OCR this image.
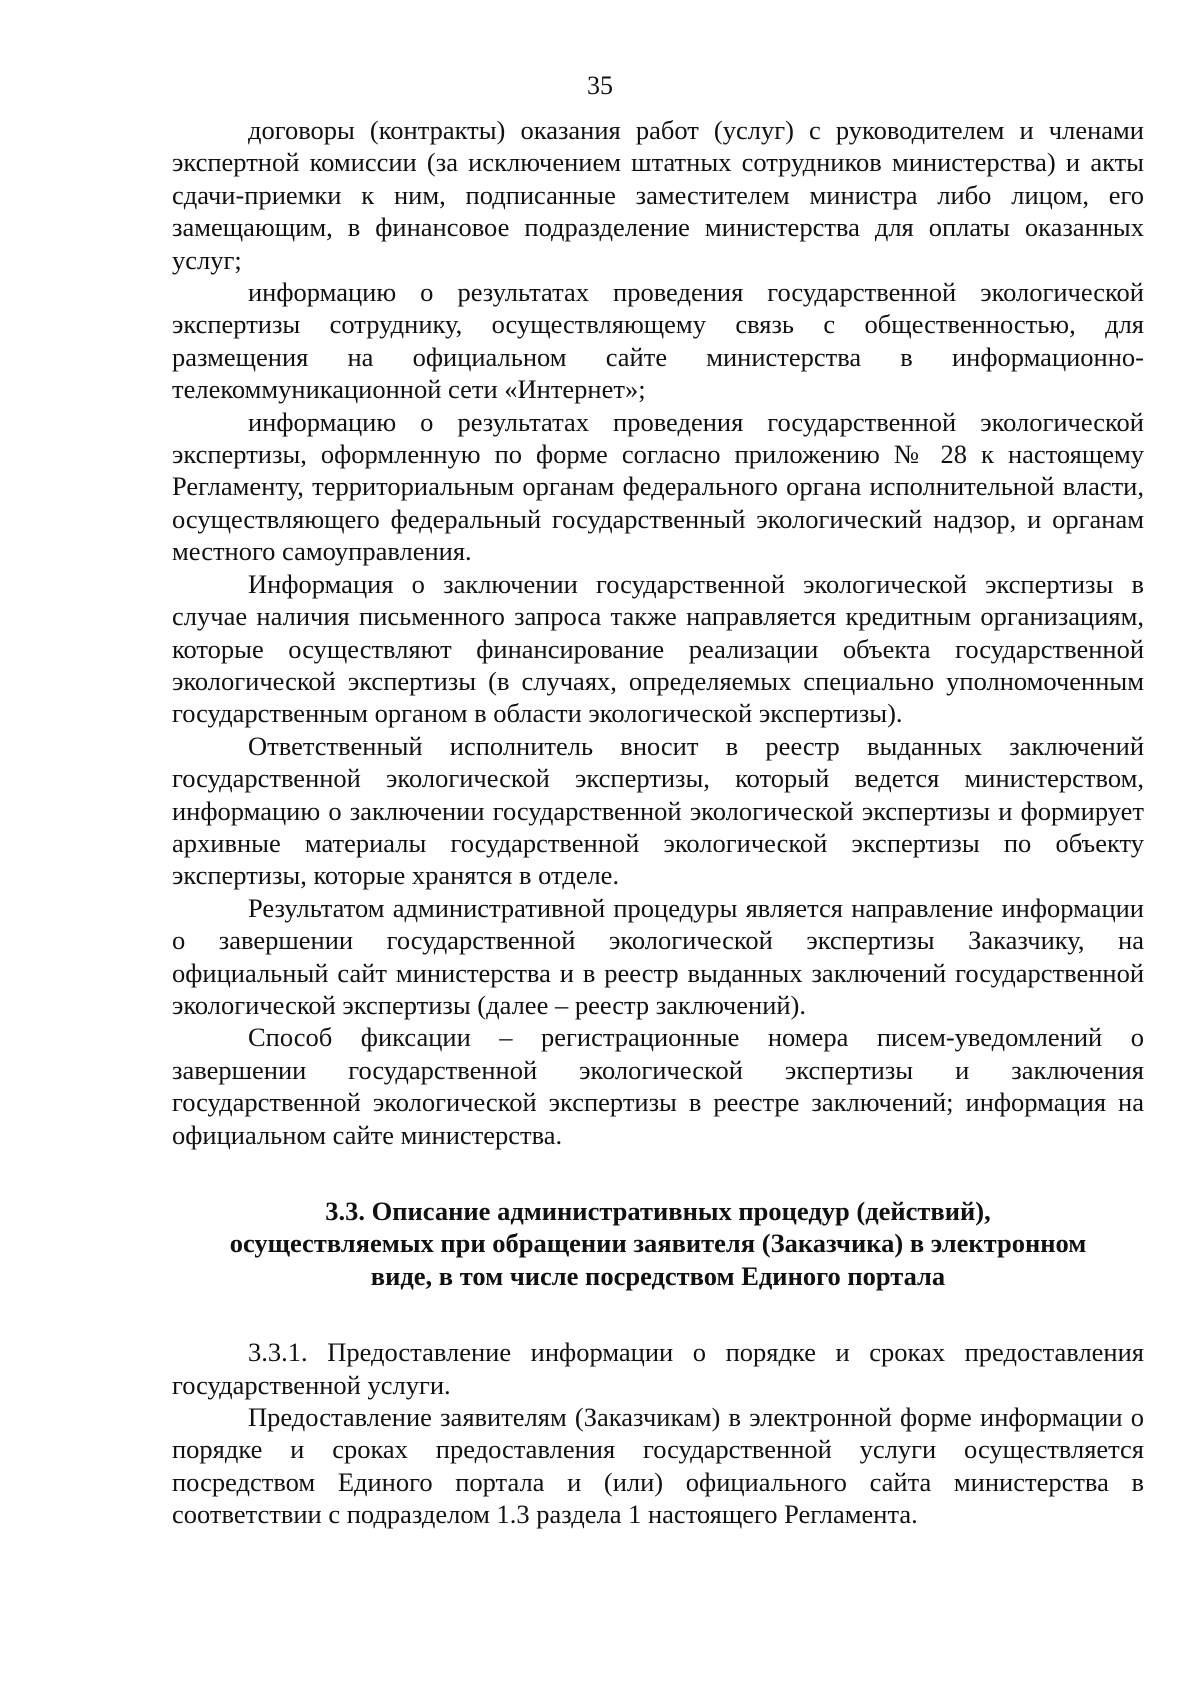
35

договоры (контракты) оказания работ (услуг) с руководителем и членами экспертной комиссии (за исключением штатных сотрудников министерства) и акты сдачи-приемки к ним, подписанные заместителем министра либо лицом, его замещающим, в финансовое подразделение министерства для оплаты оказанных услуг;

информацию о результатах проведения государственной экологической экспертизы сотруднику, осуществляющему связь с общественностью, для размещения на официальном сайте министерства в информационно-телекоммуникационной сети «Интернет»;

информацию о результатах проведения государственной экологической экспертизы, оформленную по форме согласно приложению № 28 к настоящему Регламенту, территориальным органам федерального органа исполнительной власти, осуществляющего федеральный государственный экологический надзор, и органам местного самоуправления.

Информация о заключении государственной экологической экспертизы в случае наличия письменного запроса также направляется кредитным организациям, которые осуществляют финансирование реализации объекта государственной экологической экспертизы (в случаях, определяемых специально уполномоченным государственным органом в области экологической экспертизы).

Ответственный исполнитель вносит в реестр выданных заключений государственной экологической экспертизы, который ведется министерством, информацию о заключении государственной экологической экспертизы и формирует архивные материалы государственной экологической экспертизы по объекту экспертизы, которые хранятся в отделе.

Результатом административной процедуры является направление информации о завершении государственной экологической экспертизы Заказчику, на официальный сайт министерства и в реестр выданных заключений государственной экологической экспертизы (далее – реестр заключений).

Способ фиксации – регистрационные номера писем-уведомлений о завершении государственной экологической экспертизы и заключения государственной экологической экспертизы в реестре заключений; информация на официальном сайте министерства.

3.3. Описание административных процедур (действий),
осуществляемых при обращении заявителя (Заказчика) в электронном
виде, в том числе посредством Единого портала

3.3.1. Предоставление информации о порядке и сроках предоставления государственной услуги.

Предоставление заявителям (Заказчикам) в электронной форме информации о порядке и сроках предоставления государственной услуги осуществляется посредством Единого портала и (или) официального сайта министерства в соответствии с подразделом 1.3 раздела 1 настоящего Регламента.
